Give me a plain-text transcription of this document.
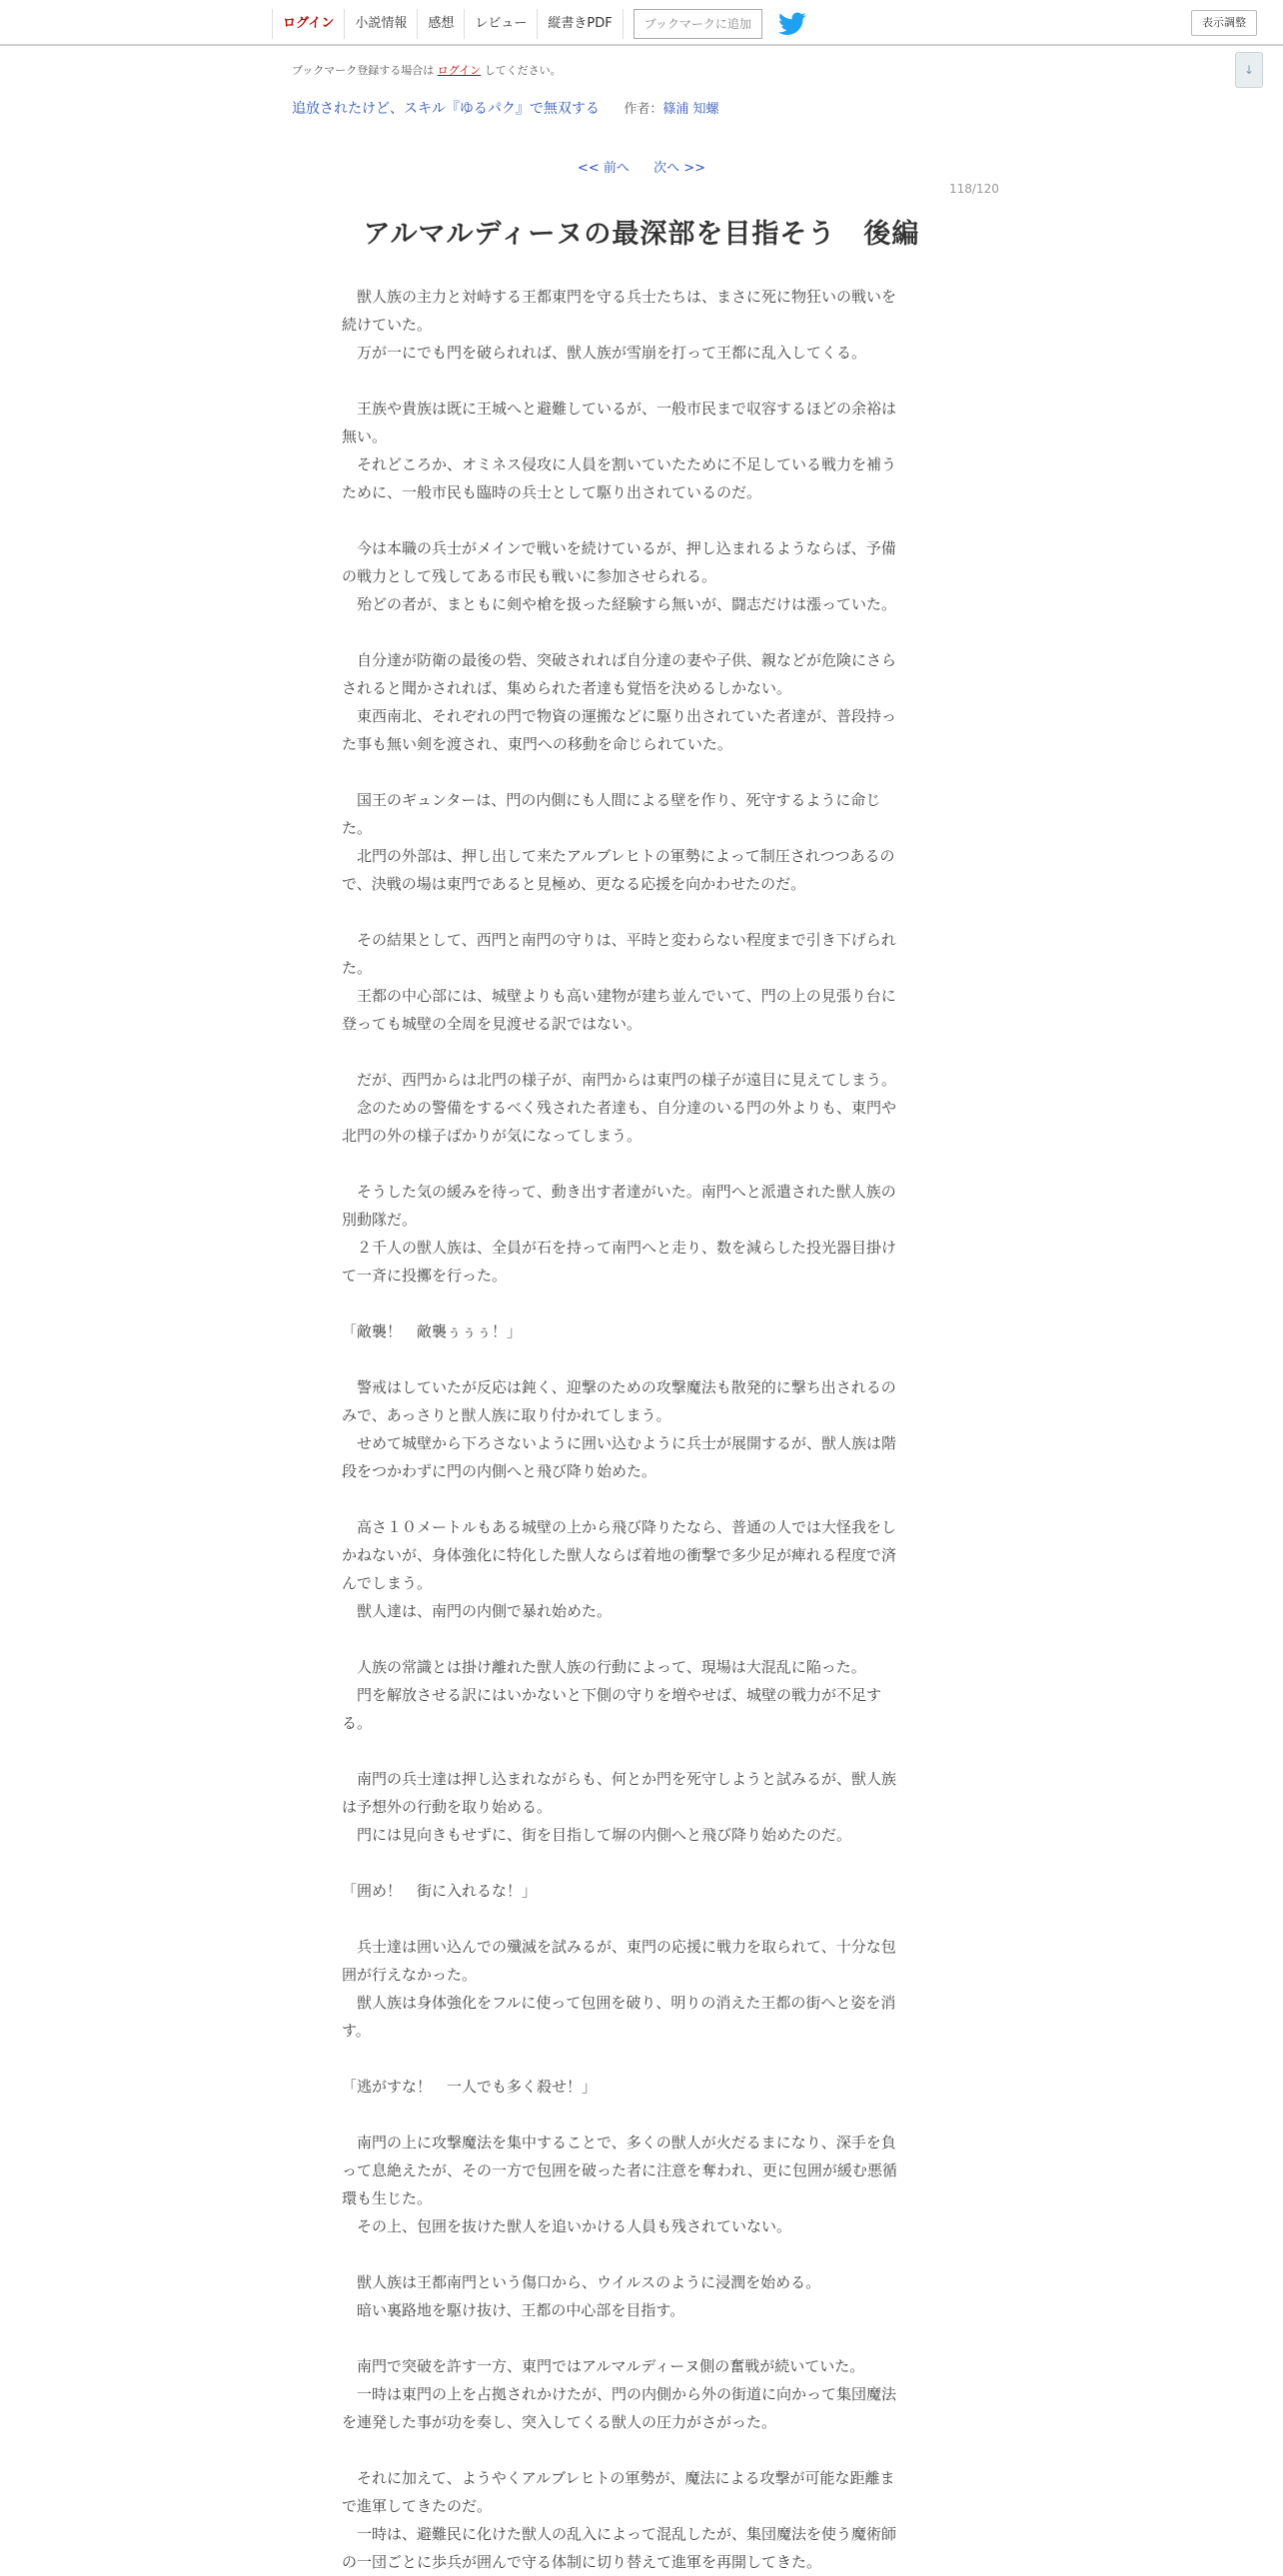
ログイン	小説情報	感想	レビュー	縦書きPDF	ブックマークに追加	表示調整
↓
ブックマーク登録する場合は ログイン してください。
追放されたけど、スキル『ゆるパク』で無双する 作者：篠浦 知螺
<< 前へ 次へ >>
118/120
アルマルディーヌの最深部を目指そう　後編

　獣人族の主力と対峙する王都東門を守る兵士たちは、まさに死に物狂いの戦いを

続けていた。

　万が一にでも門を破られれば、獣人族が雪崩を打って王都に乱入してくる。

　王族や貴族は既に王城へと避難しているが、一般市民まで収容するほどの余裕は

無い。

　それどころか、オミネス侵攻に人員を割いていたために不足している戦力を補う

ために、一般市民も臨時の兵士として駆り出されているのだ。

　今は本職の兵士がメインで戦いを続けているが、押し込まれるようならば、予備

の戦力として残してある市民も戦いに参加させられる。

　殆どの者が、まともに剣や槍を扱った経験すら無いが、闘志だけは漲っていた。

　自分達が防衛の最後の砦、突破されれば自分達の妻や子供、親などが危険にさら

されると聞かされれば、集められた者達も覚悟を決めるしかない。

　東西南北、それぞれの門で物資の運搬などに駆り出されていた者達が、普段持っ

た事も無い剣を渡され、東門への移動を命じられていた。

　国王のギュンターは、門の内側にも人間による壁を作り、死守するように命じ

た。

　北門の外部は、押し出して来たアルブレヒトの軍勢によって制圧されつつあるの

で、決戦の場は東門であると見極め、更なる応援を向かわせたのだ。

　その結果として、西門と南門の守りは、平時と変わらない程度まで引き下げられ

た。

　王都の中心部には、城壁よりも高い建物が建ち並んでいて、門の上の見張り台に

登っても城壁の全周を見渡せる訳ではない。

　だが、西門からは北門の様子が、南門からは東門の様子が遠目に見えてしまう。

　念のための警備をするべく残された者達も、自分達のいる門の外よりも、東門や

北門の外の様子ばかりが気になってしまう。

　そうした気の緩みを待って、動き出す者達がいた。南門へと派遣された獣人族の

別動隊だ。

　２千人の獣人族は、全員が石を持って南門へと走り、数を減らした投光器目掛け

て一斉に投擲を行った。

「敵襲！　敵襲ぅぅぅ！」

　警戒はしていたが反応は鈍く、迎撃のための攻撃魔法も散発的に撃ち出されるの

みで、あっさりと獣人族に取り付かれてしまう。

　せめて城壁から下ろさないように囲い込むように兵士が展開するが、獣人族は階

段をつかわずに門の内側へと飛び降り始めた。

　高さ１０メートルもある城壁の上から飛び降りたなら、普通の人では大怪我をし

かねないが、身体強化に特化した獣人ならば着地の衝撃で多少足が痺れる程度で済

んでしまう。

　獣人達は、南門の内側で暴れ始めた。

　人族の常識とは掛け離れた獣人族の行動によって、現場は大混乱に陥った。

　門を解放させる訳にはいかないと下側の守りを増やせば、城壁の戦力が不足す

る。

　南門の兵士達は押し込まれながらも、何とか門を死守しようと試みるが、獣人族

は予想外の行動を取り始める。

　門には見向きもせずに、街を目指して塀の内側へと飛び降り始めたのだ。

「囲め！　街に入れるな！」

　兵士達は囲い込んでの殲滅を試みるが、東門の応援に戦力を取られて、十分な包

囲が行えなかった。

　獣人族は身体強化をフルに使って包囲を破り、明りの消えた王都の街へと姿を消

す。

「逃がすな！　一人でも多く殺せ！」

　南門の上に攻撃魔法を集中することで、多くの獣人が火だるまになり、深手を負

って息絶えたが、その一方で包囲を破った者に注意を奪われ、更に包囲が緩む悪循

環も生じた。

　その上、包囲を抜けた獣人を追いかける人員も残されていない。

　獣人族は王都南門という傷口から、ウイルスのように浸潤を始める。

　暗い裏路地を駆け抜け、王都の中心部を目指す。

　南門で突破を許す一方、東門ではアルマルディーヌ側の奮戦が続いていた。

　一時は東門の上を占拠されかけたが、門の内側から外の街道に向かって集団魔法

を連発した事が功を奏し、突入してくる獣人の圧力がさがった。

　それに加えて、ようやくアルブレヒトの軍勢が、魔法による攻撃が可能な距離ま

で進軍してきたのだ。

　一時は、避難民に化けた獣人の乱入によって混乱したが、集団魔法を使う魔術師

の一団ごとに歩兵が囲んで守る体制に切り替えて進軍を再開してきた。
